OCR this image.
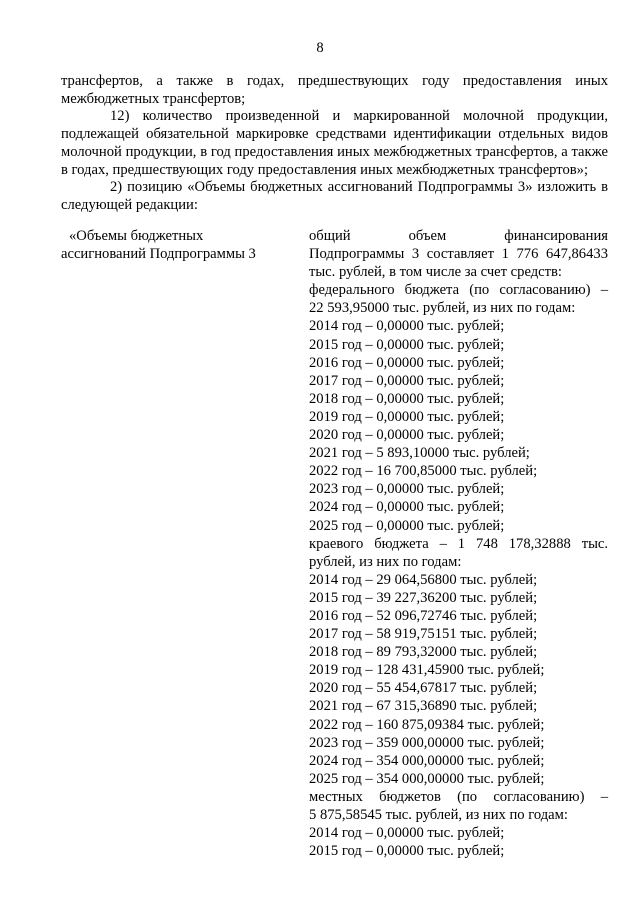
8

трансфертов, а также в годах, предшествующих году предоставления иных межбюджетных трансфертов;

12) количество произведенной и маркированной молочной продукции, подлежащей обязательной маркировке средствами идентификации отдельных видов молочной продукции, в год предоставления иных межбюджетных трансфертов, а также в годах, предшествующих году предоставления иных межбюджетных трансфертов»;

2) позицию «Объемы бюджетных ассигнований Подпрограммы 3» изложить в следующей редакции:

«Объемы бюджетных
ассигнований Подпрограммы 3
общий объем финансирования
Подпрограммы 3 составляет 1 776 647,86433
тыс. рублей, в том числе за счет средств:
федерального бюджета (по согласованию) –
22 593,95000 тыс. рублей, из них по годам:
2014 год – 0,00000 тыс. рублей;
2015 год – 0,00000 тыс. рублей;
2016 год – 0,00000 тыс. рублей;
2017 год – 0,00000 тыс. рублей;
2018 год – 0,00000 тыс. рублей;
2019 год – 0,00000 тыс. рублей;
2020 год – 0,00000 тыс. рублей;
2021 год – 5 893,10000 тыс. рублей;
2022 год – 16 700,85000 тыс. рублей;
2023 год – 0,00000 тыс. рублей;
2024 год – 0,00000 тыс. рублей;
2025 год – 0,00000 тыс. рублей;
краевого бюджета – 1 748 178,32888 тыс.
рублей, из них по годам:
2014 год – 29 064,56800 тыс. рублей;
2015 год – 39 227,36200 тыс. рублей;
2016 год – 52 096,72746 тыс. рублей;
2017 год – 58 919,75151 тыс. рублей;
2018 год – 89 793,32000 тыс. рублей;
2019 год – 128 431,45900 тыс. рублей;
2020 год – 55 454,67817 тыс. рублей;
2021 год – 67 315,36890 тыс. рублей;
2022 год – 160 875,09384 тыс. рублей;
2023 год – 359 000,00000 тыс. рублей;
2024 год – 354 000,00000 тыс. рублей;
2025 год – 354 000,00000 тыс. рублей;
местных бюджетов (по согласованию) –
5 875,58545 тыс. рублей, из них по годам:
2014 год – 0,00000 тыс. рублей;
2015 год – 0,00000 тыс. рублей;
